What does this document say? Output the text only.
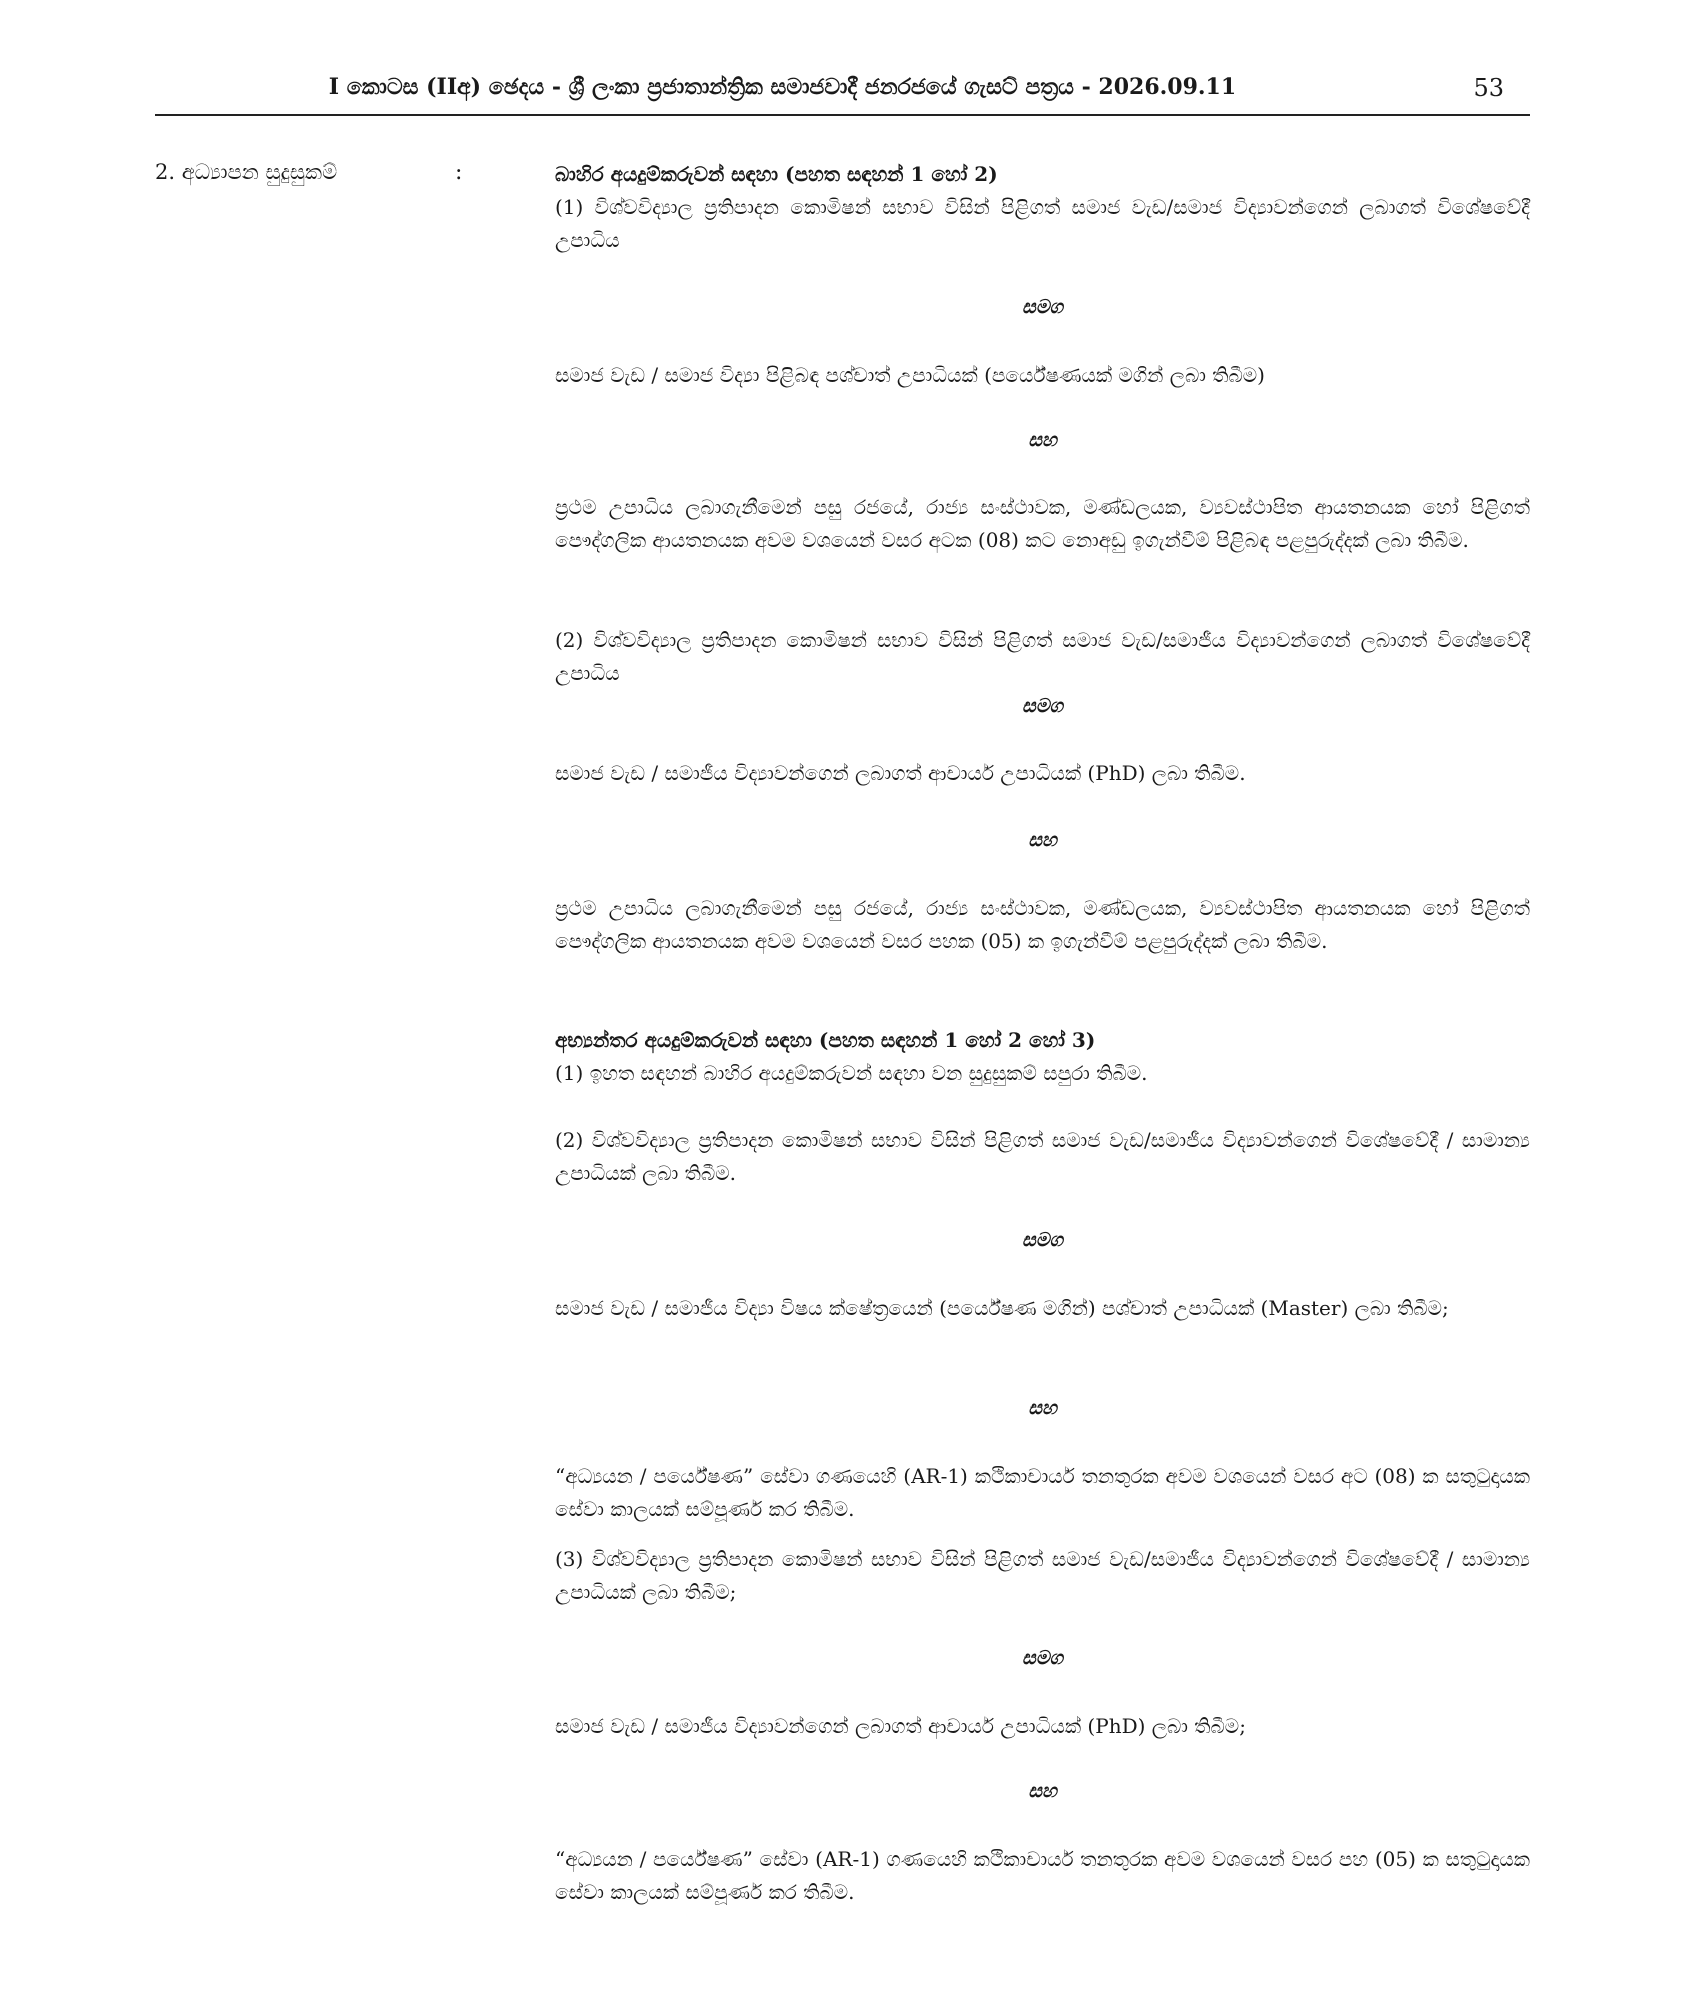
I කොටස (IIඅ) ඡෙදය - ශ්‍රී ලංකා ප්‍රජාතාන්ත්‍රික සමාජවාදී ජනරජයේ ගැසට් පත්‍රය - 2026.09.11	53
2. අධ්‍යාපන සුදුසුකම්	:	බාහිර අයදුම්කරුවන් සඳහා (පහත සඳහන් 1 හෝ 2)

(1) විශ්වවිද්‍යාල ප්‍රතිපාදන කොමිෂන් සභාව විසින් පිළිගත් සමාජ වැඩ/සමාජ විද්‍යාවන්ගෙන් ලබාගත් විශේෂවේදී උපාධිය

සමග

සමාජ වැඩ / සමාජ විද්‍යා පිළිබඳ පශ්චාත් උපාධියක් (පර්යේෂණයක් මගින් ලබා තිබීම)

සහ

ප්‍රථම උපාධිය ලබාගැනීමෙන් පසු රජයේ, රාජ්‍ය සංස්ථාවක, මණ්ඩලයක, ව්‍යවස්ථාපිත ආයතනයක හෝ පිළිගත් පෞද්ගලික ආයතනයක අවම වශයෙන් වසර අටක (08) කට නොඅඩු ඉගැන්වීම් පිළිබඳ පළපුරුද්දක් ලබා තිබීම.

(2) විශ්වවිද්‍යාල ප්‍රතිපාදන කොමිෂන් සභාව විසින් පිළිගත් සමාජ වැඩ/සමාජීය විද්‍යාවන්ගෙන් ලබාගත් විශේෂවේදී උපාධිය

සමග

සමාජ වැඩ / සමාජීය විද්‍යාවන්ගෙන් ලබාගත් ආචාර්ය උපාධියක් (PhD) ලබා තිබීම.

සහ

ප්‍රථම උපාධිය ලබාගැනීමෙන් පසු රජයේ, රාජ්‍ය සංස්ථාවක, මණ්ඩලයක, ව්‍යවස්ථාපිත ආයතනයක හෝ පිළිගත් පෞද්ගලික ආයතනයක අවම වශයෙන් වසර පහක (05) ක ඉගැන්වීම් පළපුරුද්දක් ලබා තිබීම.

අභ්‍යන්තර අයදුම්කරුවන් සඳහා (පහත සඳහන් 1 හෝ 2 හෝ 3)

(1) ඉහත සඳහන් බාහිර අයදුම්කරුවන් සඳහා වන සුදුසුකම් සපුරා තිබීම.

(2) විශ්වවිද්‍යාල ප්‍රතිපාදන කොමිෂන් සභාව විසින් පිළිගත් සමාජ වැඩ/සමාජීය විද්‍යාවන්ගෙන් විශේෂවේදී / සාමාන්‍ය උපාධියක් ලබා තිබීම.

සමග

සමාජ වැඩ / සමාජීය විද්‍යා විෂය ක්ෂේත්‍රයෙන් (පර්යේෂණ මගින්) පශ්චාත් උපාධියක් (Master) ලබා තිබීම;

සහ

“අධ්‍යයන / පර්යේෂණ” සේවා ගණයෙහි (AR-1) කථිකාචාර්ය තනතුරක අවම වශයෙන් වසර අට (08) ක සතුටුදායක සේවා කාලයක් සම්පූර්ණ කර තිබීම.

(3) විශ්වවිද්‍යාල ප්‍රතිපාදන කොමිෂන් සභාව විසින් පිළිගත් සමාජ වැඩ/සමාජීය විද්‍යාවන්ගෙන් විශේෂවේදී / සාමාන්‍ය උපාධියක් ලබා තිබීම;

සමග

සමාජ වැඩ / සමාජීය විද්‍යාවන්ගෙන් ලබාගත් ආචාර්ය උපාධියක් (PhD) ලබා තිබීම;

සහ

“අධ්‍යයන / පර්යේෂණ” සේවා (AR-1) ගණයෙහි කථිකාචාර්ය තනතුරක අවම වශයෙන් වසර පහ (05) ක සතුටුදායක සේවා කාලයක් සම්පූර්ණ කර තිබීම.
